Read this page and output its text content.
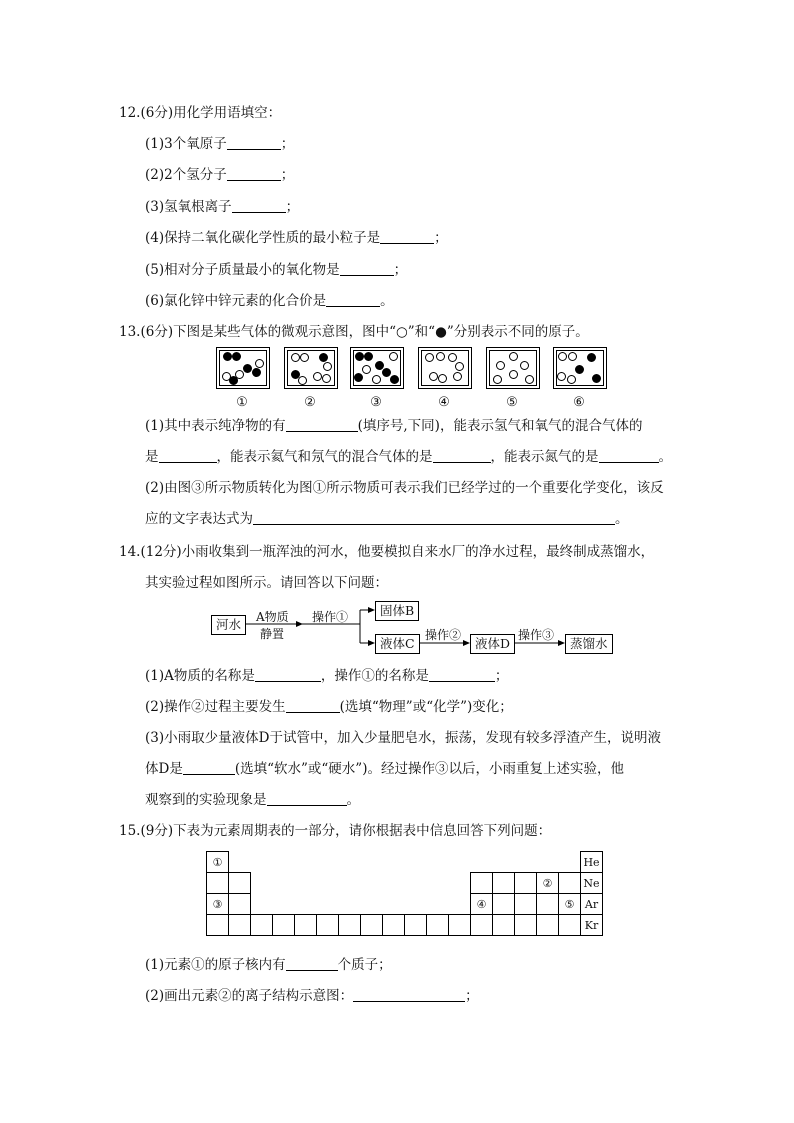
12.(6分)用化学用语填空：
(1)3个氧原子	；
(2)2个氢分子	；
(3)氢氧根离子	；
(4)保持二氧化碳化学性质的最小粒子是	；
(5)相对分子质量最小的氧化物是	；
(6)氯化锌中锌元素的化合价是	。
13.(6分)下图是某些气体的微观示意图，图中“○”和“●”分别表示不同的原子。
①	②	③	④	⑤	⑥
(1)其中表示纯净物的有	(填序号,下同)，能表示氢气和氧气的混合气体的
是	，能表示氦气和氖气的混合气体的是	，能表示氮气的是	。
(2)由图③所示物质转化为图①所示物质可表示我们已经学过的一个重要化学变化，该反
应的文字表达式为	。
14.(12分)小雨收集到一瓶浑浊的河水，他要模拟自来水厂的净水过程，最终制成蒸馏水，
其实验过程如图所示。请回答以下问题：
河水	A物质
静置
操作①	固体B
液体C
操作②
液体D
操作③
蒸馏水
(1)A物质的名称是	，操作①的名称是	；
(2)操作②过程主要发生	(选填“物理”或“化学”)变化；
(3)小雨取少量液体D于试管中，加入少量肥皂水，振荡，发现有较多浮渣产生，说明液
体D是	(选填“软水”或“硬水”)。经过操作③以后，小雨重复上述实验，他
观察到的实验现象是	。
15.(9分)下表为元素周期表的一部分，请你根据表中信息回答下列问题：
①																	He
															②		Ne
③												④				⑤	Ar
																	Kr
(1)元素①的原子核内有	个质子；
(2)画出元素②的离子结构示意图：	；
